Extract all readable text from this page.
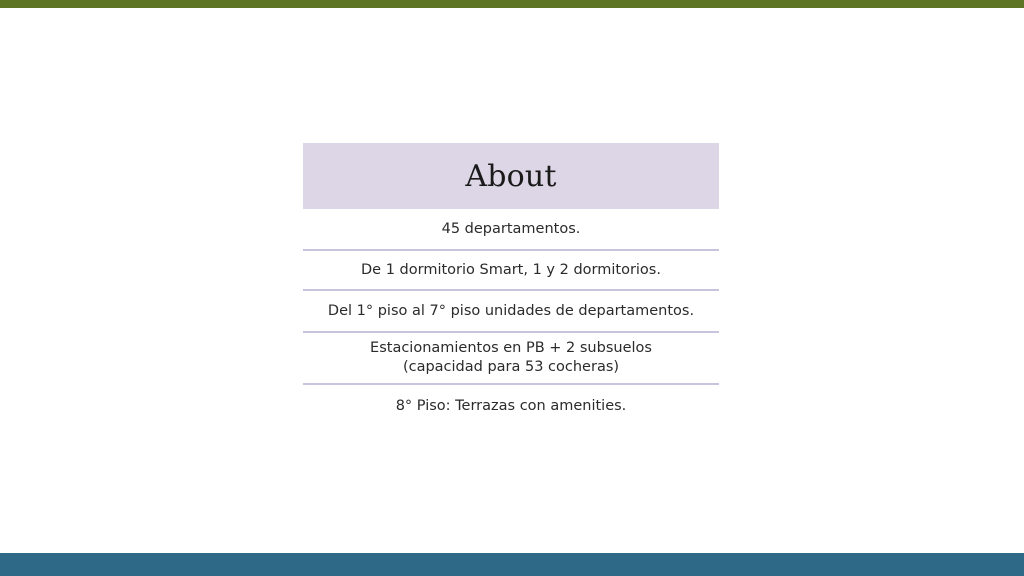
About
45 departamentos.
De 1 dormitorio Smart, 1 y 2 dormitorios.
Del 1° piso al 7° piso unidades de departamentos.
Estacionamientos en PB + 2 subsuelos
(capacidad para 53 cocheras)
8° Piso: Terrazas con amenities.
